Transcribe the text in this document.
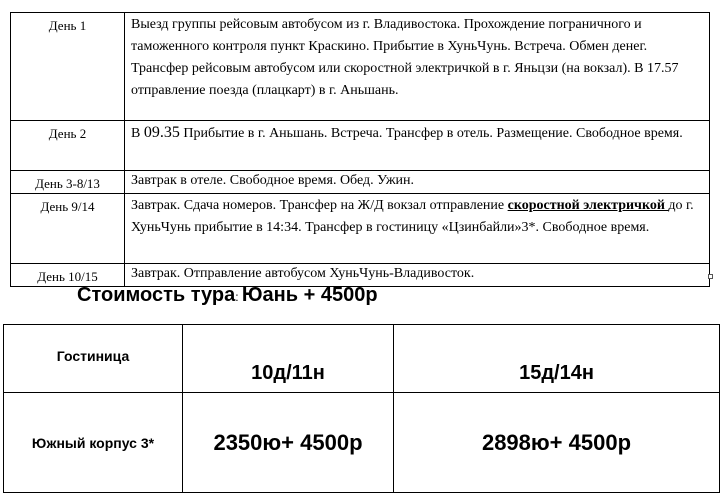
День 1	Выезд группы рейсовым автобусом из г. Владивостока. Прохождение пограничного и таможенного контроля пункт Краскино. Прибытие в ХуньЧунь. Встреча. Обмен денег. Трансфер рейсовым автобусом или скоростной электричкой в г. Яньцзи (на вокзал). В 17.57 отправление поезда (плацкарт) в г. Аньшань.
День 2	В 09.35 Прибытие в г. Аньшань. Встреча. Трансфер в отель. Размещение. Свободное время.
День 3-8/13	Завтрак в отеле. Свободное время. Обед. Ужин.
День 9/14	Завтрак. Сдача номеров. Трансфер на Ж/Д вокзал отправление скоростной электричкой до г. ХуньЧунь прибытие в 14:34. Трансфер в гостиницу «Цзинбайли»3*. Свободное время.
День 10/15	Завтрак. Отправление автобусом ХуньЧунь-Владивосток.
Стоимость тура: Юань + 4500р
Гостиница	10д/11н	15д/14н
Южный корпус 3*	2350ю+ 4500р	2898ю+ 4500р
